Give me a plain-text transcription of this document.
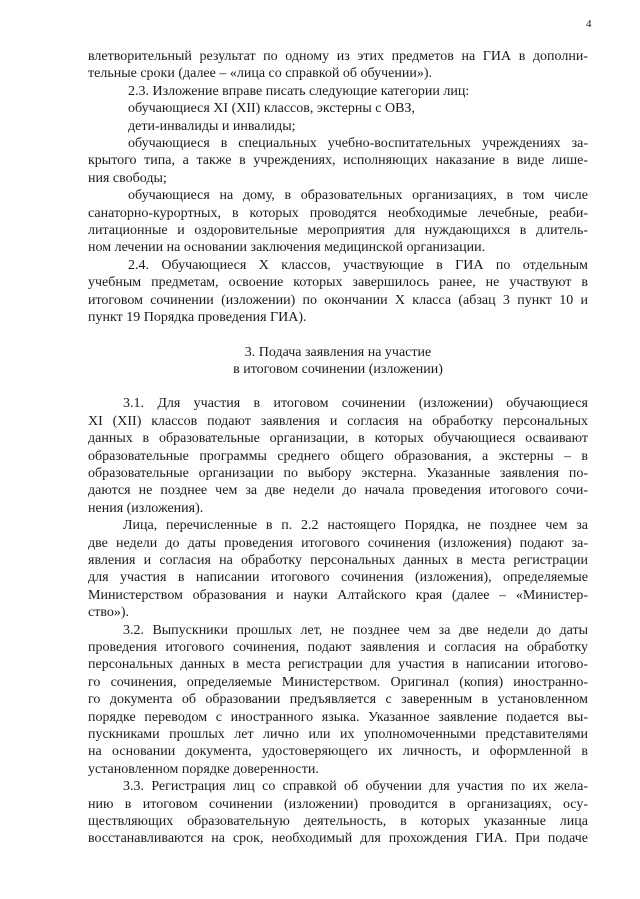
4
влетворительный результат по одному из этих предметов на ГИА в дополни-
тельные сроки (далее – «лица со справкой об обучении»).
2.3. Изложение вправе писать следующие категории лиц:
обучающиеся XI (XII) классов, экстерны с ОВЗ,
дети-инвалиды и инвалиды;
обучающиеся в специальных учебно-воспитательных учреждениях за-
крытого типа, а также в учреждениях, исполняющих наказание в виде лише-
ния свободы;
обучающиеся на дому, в образовательных организациях, в том числе
санаторно-курортных, в которых проводятся необходимые лечебные, реаби-
литационные и оздоровительные мероприятия для нуждающихся в длитель-
ном лечении на основании заключения медицинской организации.
2.4. Обучающиеся X классов, участвующие в ГИА по отдельным
учебным предметам, освоение которых завершилось ранее, не участвуют в
итоговом сочинении (изложении) по окончании X класса (абзац 3 пункт 10 и
пункт 19 Порядка проведения ГИА).
3. Подача заявления на участие
в итоговом сочинении (изложении)
3.1. Для участия в итоговом сочинении (изложении) обучающиеся
XI (XII) классов подают заявления и согласия на обработку персональных
данных в образовательные организации, в которых обучающиеся осваивают
образовательные программы среднего общего образования, а экстерны – в
образовательные организации по выбору экстерна. Указанные заявления по-
даются не позднее чем за две недели до начала проведения итогового сочи-
нения (изложения).
Лица, перечисленные в п. 2.2 настоящего Порядка, не позднее чем за
две недели до даты проведения итогового сочинения (изложения) подают за-
явления и согласия на обработку персональных данных в места регистрации
для участия в написании итогового сочинения (изложения), определяемые
Министерством образования и науки Алтайского края (далее – «Министер-
ство»).
3.2. Выпускники прошлых лет, не позднее чем за две недели до даты
проведения итогового сочинения, подают заявления и согласия на обработку
персональных данных в места регистрации для участия в написании итогово-
го сочинения, определяемые Министерством. Оригинал (копия) иностранно-
го документа об образовании предъявляется с заверенным в установленном
порядке переводом с иностранного языка. Указанное заявление подается вы-
пускниками прошлых лет лично или их уполномоченными представителями
на основании документа, удостоверяющего их личность, и оформленной в
установленном порядке доверенности.
3.3. Регистрация лиц со справкой об обучении для участия по их жела-
нию в итоговом сочинении (изложении) проводится в организациях, осу-
ществляющих образовательную деятельность, в которых указанные лица
восстанавливаются на срок, необходимый для прохождения ГИА. При подаче
